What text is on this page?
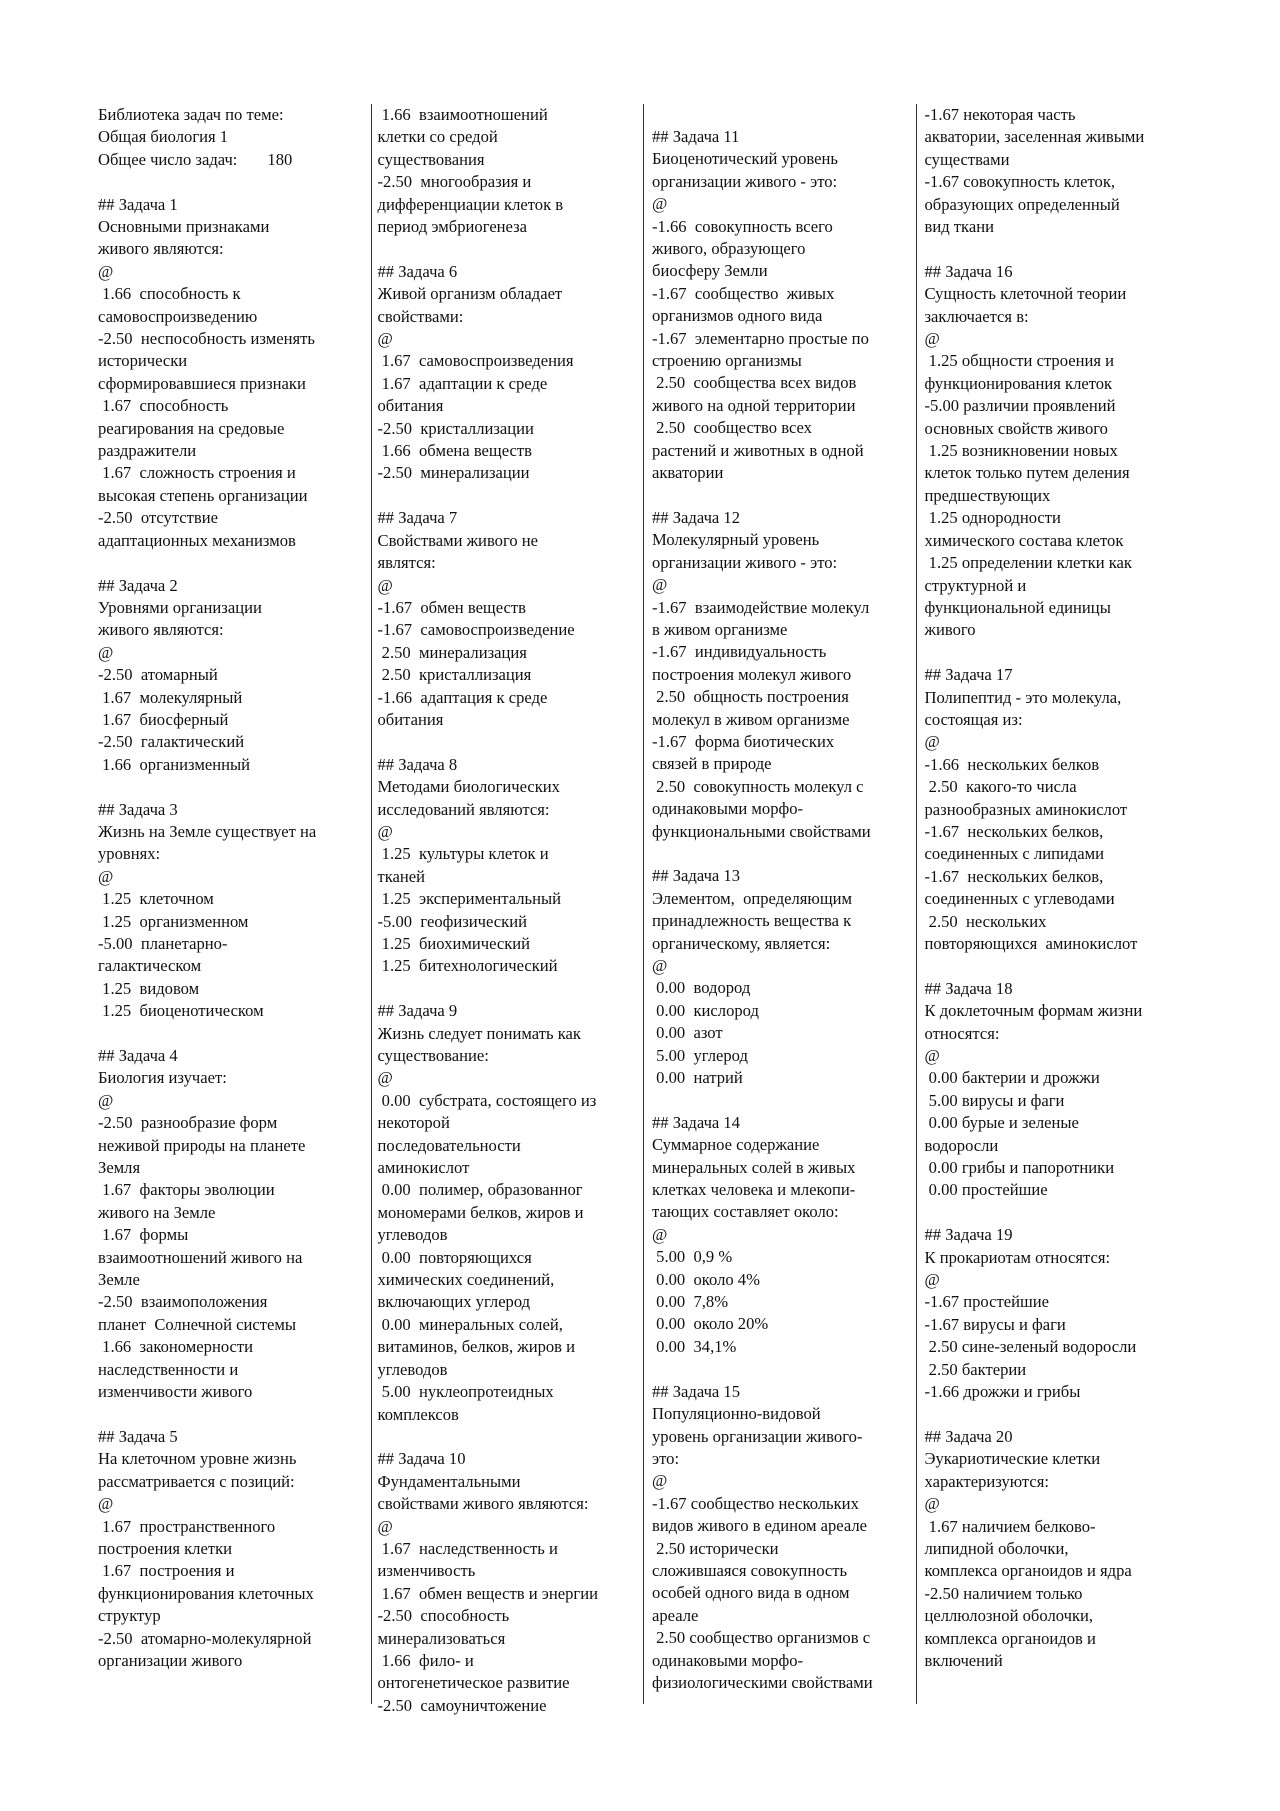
Библиотека задач по теме:
Общая биология 1
Общее число задач: 180
## Задача 1
Основными признаками
живого являются:
@
1.66  способность к
самовоспроизведению
-2.50  неспособность изменять
исторически
сформировавшиеся признаки
1.67  способность
реагирования на средовые
раздражители
1.67  сложность строения и
высокая степень организации
-2.50  отсутствие
адаптационных механизмов
## Задача 2
Уровнями организации
живого являются:
@
-2.50  атомарный
1.67  молекулярный
1.67  биосферный
-2.50  галактический
1.66  организменный
## Задача 3
Жизнь на Земле существует на
уровнях:
@
1.25  клеточном
1.25  организменном
-5.00  планетарно-
галактическом
1.25  видовом
1.25  биоценотическом
## Задача 4
Биология изучает:
@
-2.50  разнообразие форм
неживой природы на планете
Земля
1.67  факторы эволюции
живого на Земле
1.67  формы
взаимоотношений живого на
Земле
-2.50  взаимоположения
планет  Солнечной системы
1.66  закономерности
наследственности и
изменчивости живого
## Задача 5
На клеточном уровне жизнь
рассматривается с позиций:
@
1.67  пространственного
построения клетки
1.67  построения и
функционирования клеточных
структур
-2.50  атомарно-молекулярной
организации живого
1.66  взаимоотношений
клетки со средой
существования
-2.50  многообразия и
дифференциации клеток в
период эмбриогенеза
## Задача 6
Живой организм обладает
свойствами:
@
1.67  самовоспроизведения
1.67  адаптации к среде
обитания
-2.50  кристаллизации
1.66  обмена веществ
-2.50  минерализации
## Задача 7
Свойствами живого не
являтся:
@
-1.67  обмен веществ
-1.67  самовоспроизведение
2.50  минерализация
2.50  кристаллизация
-1.66  адаптация к среде
обитания
## Задача 8
Методами биологических
исследований являются:
@
1.25  культуры клеток и
тканей
1.25  экспериментальный
-5.00  геофизический
1.25  биохимический
1.25  битехнологический
## Задача 9
Жизнь следует понимать как
существование:
@
0.00  субстрата, состоящего из
некоторой
последовательности
аминокислот
0.00  полимер, образованног
мономерами белков, жиров и
углеводов
0.00  повторяющихся
химических соединений,
включающих углерод
0.00  минеральных солей,
витаминов, белков, жиров и
углеводов
5.00  нуклеопротеидных
комплексов
## Задача 10
Фундаментальными
свойствами живого являются:
@
1.67  наследственность и
изменчивость
1.67  обмен веществ и энергии
-2.50  способность
минерализоваться
1.66  фило- и
онтогенетическое развитие
-2.50  самоуничтожение
## Задача 11
Биоценотический уровень
организации живого - это:
@
-1.66  совокупность всего
живого, образующего
биосферу Земли
-1.67  сообщество  живых
организмов одного вида
-1.67  элементарно простые по
строению организмы
2.50  сообщества всех видов
живого на одной территории
2.50  сообщество всех
растений и животных в одной
акватории
## Задача 12
Молекулярный уровень
организации живого - это:
@
-1.67  взаимодействие молекул
в живом организме
-1.67  индивидуальность
построения молекул живого
2.50  общность построения
молекул в живом организме
-1.67  форма биотических
связей в природе
2.50  совокупность молекул с
одинаковыми морфо-
функциональными свойствами
## Задача 13
Элементом,  определяющим
принадлежность вещества к
органическому, является:
@
0.00  водород
0.00  кислород
0.00  азот
5.00  углерод
0.00  натрий
## Задача 14
Суммарное содержание
минеральных солей в живых
клетках человека и млекопи-
тающих составляет около:
@
5.00  0,9 %
0.00  около 4%
0.00  7,8%
0.00  около 20%
0.00  34,1%
## Задача 15
Популяционно-видовой
уровень организации живого-
это:
@
-1.67 сообщество нескольких
видов живого в едином ареале
2.50 исторически
сложившаяся совокупность
особей одного вида в одном
ареале
2.50 сообщество организмов с
одинаковыми морфо-
физиологическими свойствами
-1.67 некоторая часть
акватории, заселенная живыми
существами
-1.67 совокупность клеток,
образующих определенный
вид ткани
## Задача 16
Сущность клеточной теории
заключается в:
@
1.25 общности строения и
функционирования клеток
-5.00 различии проявлений
основных свойств живого
1.25 возникновении новых
клеток только путем деления
предшествующих
1.25 однородности
химического состава клеток
1.25 определении клетки как
структурной и
функциональной единицы
живого
## Задача 17
Полипептид - это молекула,
состоящая из:
@
-1.66  нескольких белков
2.50  какого-то числа
разнообразных аминокислот
-1.67  нескольких белков,
соединенных с липидами
-1.67  нескольких белков,
соединенных с углеводами
2.50  нескольких
повторяющихся  аминокислот
## Задача 18
К доклеточным формам жизни
относятся:
@
0.00 бактерии и дрожжи
5.00 вирусы и фаги
0.00 бурые и зеленые
водоросли
0.00 грибы и папоротники
0.00 простейшие
## Задача 19
К прокариотам относятся:
@
-1.67 простейшие
-1.67 вирусы и фаги
2.50 сине-зеленый водоросли
2.50 бактерии
-1.66 дрожжи и грибы
## Задача 20
Эукариотические клетки
характеризуются:
@
1.67 наличием белково-
липидной оболочки,
комплекса органоидов и ядра
-2.50 наличием только
целлюлозной оболочки,
комплекса органоидов и
включений
